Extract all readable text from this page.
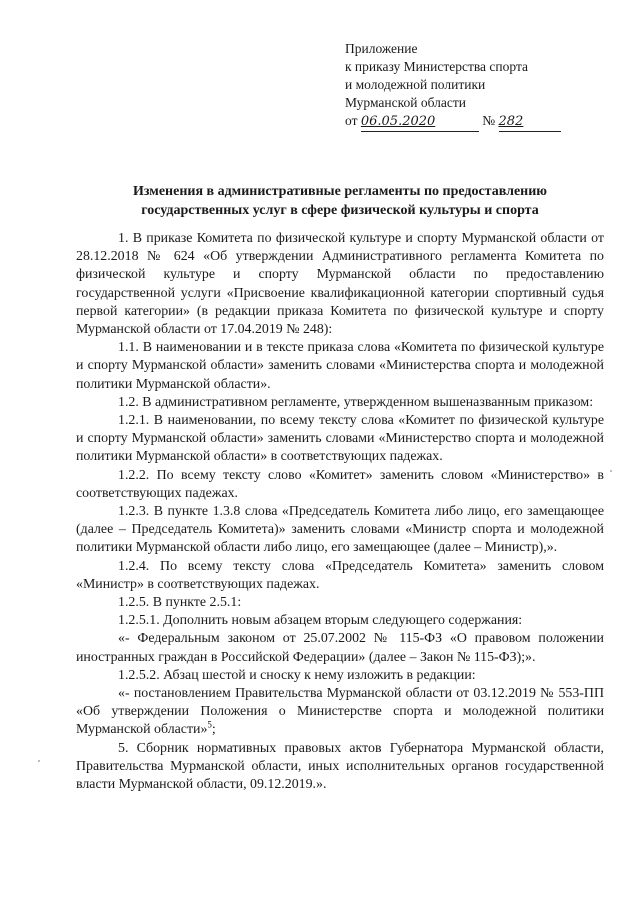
Приложение
к приказу Министерства спорта
и молодежной политики
Мурманской области
от 06.05.2020	№ 282
Изменения в административные регламенты по предоставлению
государственных услуг в сфере физической культуры и спорта

1. В приказе Комитета по физической культуре и спорту Мурманской области от 28.12.2018 № 624 «Об утверждении Административного регламента Комитета по физической культуре и спорту Мурманской области по предоставлению государственной услуги «Присвоение квалификационной категории спортивный судья первой категории» (в редакции приказа Комитета по физической культуре и спорту Мурманской области от 17.04.2019 № 248):

1.1. В наименовании и в тексте приказа слова «Комитета по физической культуре и спорту Мурманской области» заменить словами «Министерства спорта и молодежной политики Мурманской области».

1.2. В административном регламенте, утвержденном вышеназванным приказом:

1.2.1. В наименовании, по всему тексту слова «Комитет по физической культуре и спорту Мурманской области» заменить словами «Министерство спорта и молодежной политики Мурманской области» в соответствующих падежах.

1.2.2. По всему тексту слово «Комитет» заменить словом «Министерство» в соответствующих падежах.

1.2.3. В пункте 1.3.8 слова «Председатель Комитета либо лицо, его замещающее (далее – Председатель Комитета)» заменить словами «Министр спорта и молодежной политики Мурманской области либо лицо, его замещающее (далее – Министр),».

1.2.4. По всему тексту слова «Председатель Комитета» заменить словом «Министр» в соответствующих падежах.

1.2.5. В пункте 2.5.1:

1.2.5.1. Дополнить новым абзацем вторым следующего содержания:

«- Федеральным законом от 25.07.2002 № 115-ФЗ «О правовом положении иностранных граждан в Российской Федерации» (далее – Закон № 115-ФЗ);».

1.2.5.2. Абзац шестой и сноску к нему изложить в редакции:

«- постановлением Правительства Мурманской области от 03.12.2019 № 553-ПП «Об утверждении Положения о Министерстве спорта и молодежной политики Мурманской области»$^5$;

5. Сборник нормативных правовых актов Губернатора Мурманской области, Правительства Мурманской области, иных исполнительных органов государственной власти Мурманской области, 09.12.2019.».
